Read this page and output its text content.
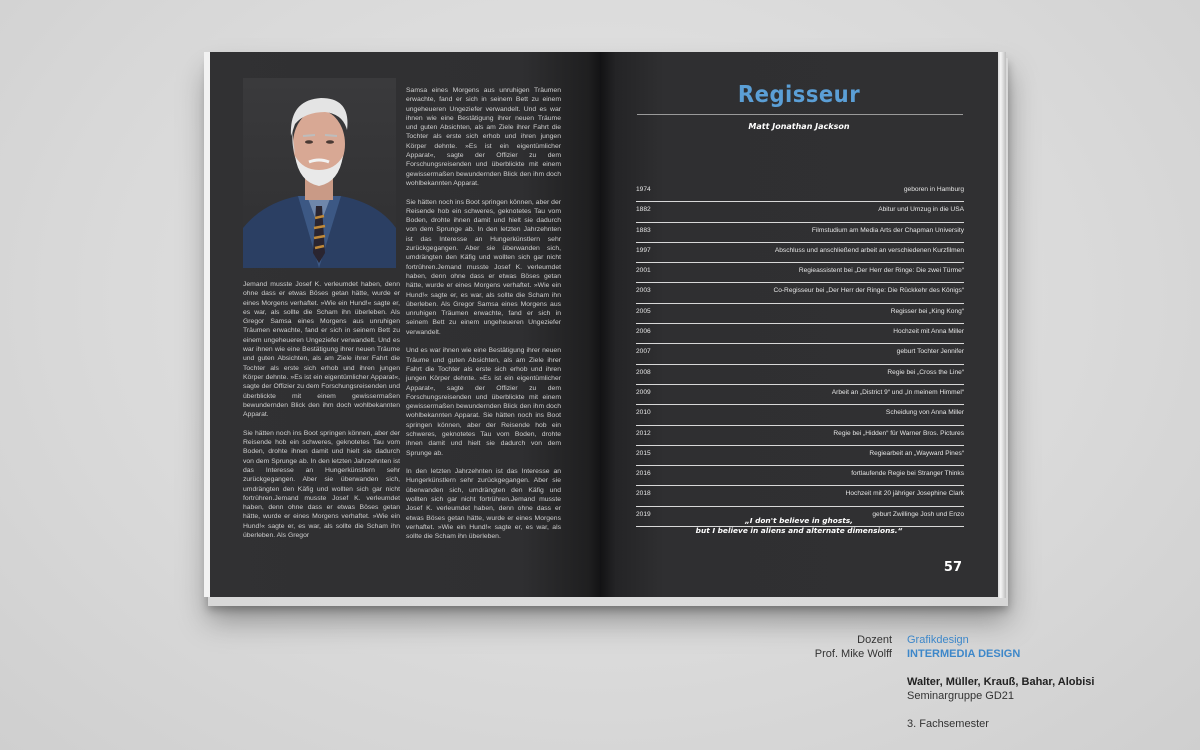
Jemand musste Josef K. verleumdet haben, denn ohne dass er etwas Böses getan hätte, wurde er eines Morgens verhaftet. »Wie ein Hund!« sagte er, es war, als sollte die Scham ihn überleben. Als Gregor Samsa eines Morgens aus unruhigen Träumen erwachte, fand er sich in seinem Bett zu einem ungeheueren Ungeziefer verwandelt. Und es war ihnen wie eine Bestätigung ihrer neuen Träume und guten Absichten, als am Ziele ihrer Fahrt die Tochter als erste sich erhob und ihren jungen Körper dehnte. »Es ist ein eigentümlicher Apparat«, sagte der Offizier zu dem Forschungsreisenden und überblickte mit einem gewissermaßen bewundernden Blick den ihm doch wohlbekannten Apparat.

Sie hätten noch ins Boot springen können, aber der Reisende hob ein schweres, geknotetes Tau vom Boden, drohte ihnen damit und hielt sie dadurch von dem Sprunge ab. In den letzten Jahrzehnten ist das Interesse an Hungerkünstlern sehr zurückgegangen. Aber sie überwanden sich, umdrängten den Käfig und wollten sich gar nicht fortrühren.Jemand musste Josef K. verleumdet haben, denn ohne dass er etwas Böses getan hätte, wurde er eines Morgens verhaftet. »Wie ein Hund!« sagte er, es war, als sollte die Scham ihn überleben. Als Gregor

Samsa eines Morgens aus unruhigen Träumen erwachte, fand er sich in seinem Bett zu einem ungeheueren Ungeziefer verwandelt. Und es war ihnen wie eine Bestätigung ihrer neuen Träume und guten Absichten, als am Ziele ihrer Fahrt die Tochter als erste sich erhob und ihren jungen Körper dehnte. »Es ist ein eigentümlicher Apparat«, sagte der Offizier zu dem Forschungsreisenden und überblickte mit einem gewissermaßen bewundernden Blick den ihm doch wohlbekannten Apparat.

Sie hätten noch ins Boot springen können, aber der Reisende hob ein schweres, geknotetes Tau vom Boden, drohte ihnen damit und hielt sie dadurch von dem Sprunge ab. In den letzten Jahrzehnten ist das Interesse an Hungerkünstlern sehr zurückgegangen. Aber sie überwanden sich, umdrängten den Käfig und wollten sich gar nicht fortrühren.Jemand musste Josef K. verleumdet haben, denn ohne dass er etwas Böses getan hätte, wurde er eines Morgens verhaftet. »Wie ein Hund!« sagte er, es war, als sollte die Scham ihn überleben. Als Gregor Samsa eines Morgens aus unruhigen Träumen erwachte, fand er sich in seinem Bett zu einem ungeheueren Ungeziefer verwandelt.

Und es war ihnen wie eine Bestätigung ihrer neuen Träume und guten Absichten, als am Ziele ihrer Fahrt die Tochter als erste sich erhob und ihren jungen Körper dehnte. »Es ist ein eigentümlicher Apparat«, sagte der Offizier zu dem Forschungsreisenden und überblickte mit einem gewissermaßen bewundernden Blick den ihm doch wohlbekannten Apparat. Sie hätten noch ins Boot springen können, aber der Reisende hob ein schweres, geknotetes Tau vom Boden, drohte ihnen damit und hielt sie dadurch von dem Sprunge ab.

In den letzten Jahrzehnten ist das Interesse an Hungerkünstlern sehr zurückgegangen. Aber sie überwanden sich, umdrängten den Käfig und wollten sich gar nicht fortrühren.Jemand musste Josef K. verleumdet haben, denn ohne dass er etwas Böses getan hätte, wurde er eines Morgens verhaftet. »Wie ein Hund!« sagte er, es war, als sollte die Scham ihn überleben.

Regisseur
Matt Jonathan Jackson
1974	geboren in Hamburg
1882	Abitur und Umzug in die USA
1883	Filmstudium am Media Arts der Chapman University
1997	Abschluss und anschließend arbeit an verschiedenen Kurzfilmen
2001	Regieassistent bei „Der Herr der Ringe: Die zwei Türme“
2003	Co-Regisseur bei „Der Herr der Ringe: Die Rückkehr des Königs“
2005	Regisser bei „King Kong“
2006	Hochzeit mit Anna Miller
2007	geburt Tochter Jennifer
2008	Regie bei „Cross the Line“
2009	Arbeit an „District 9“ und „In meinem Himmel“
2010	Scheidung von Anna Miller
2012	Regie bei „Hidden“ für Warner Bros. Pictures
2015	Regiearbeit an „Wayward Pines“
2016	fortlaufende Regie bei Stranger Thinks
2018	Hochzeit mit 20 jähriger Josephine Clark
2019	geburt Zwillinge Josh und Enzo
„I don't believe in ghosts,
but I believe in aliens and alternate dimensions.“
57
Dozent
Prof. Mike Wolff
Grafikdesign
INTERMEDIA DESIGN
Walter, Müller, Krauß, Bahar, Alobisi
Seminargruppe GD21
3. Fachsemester
